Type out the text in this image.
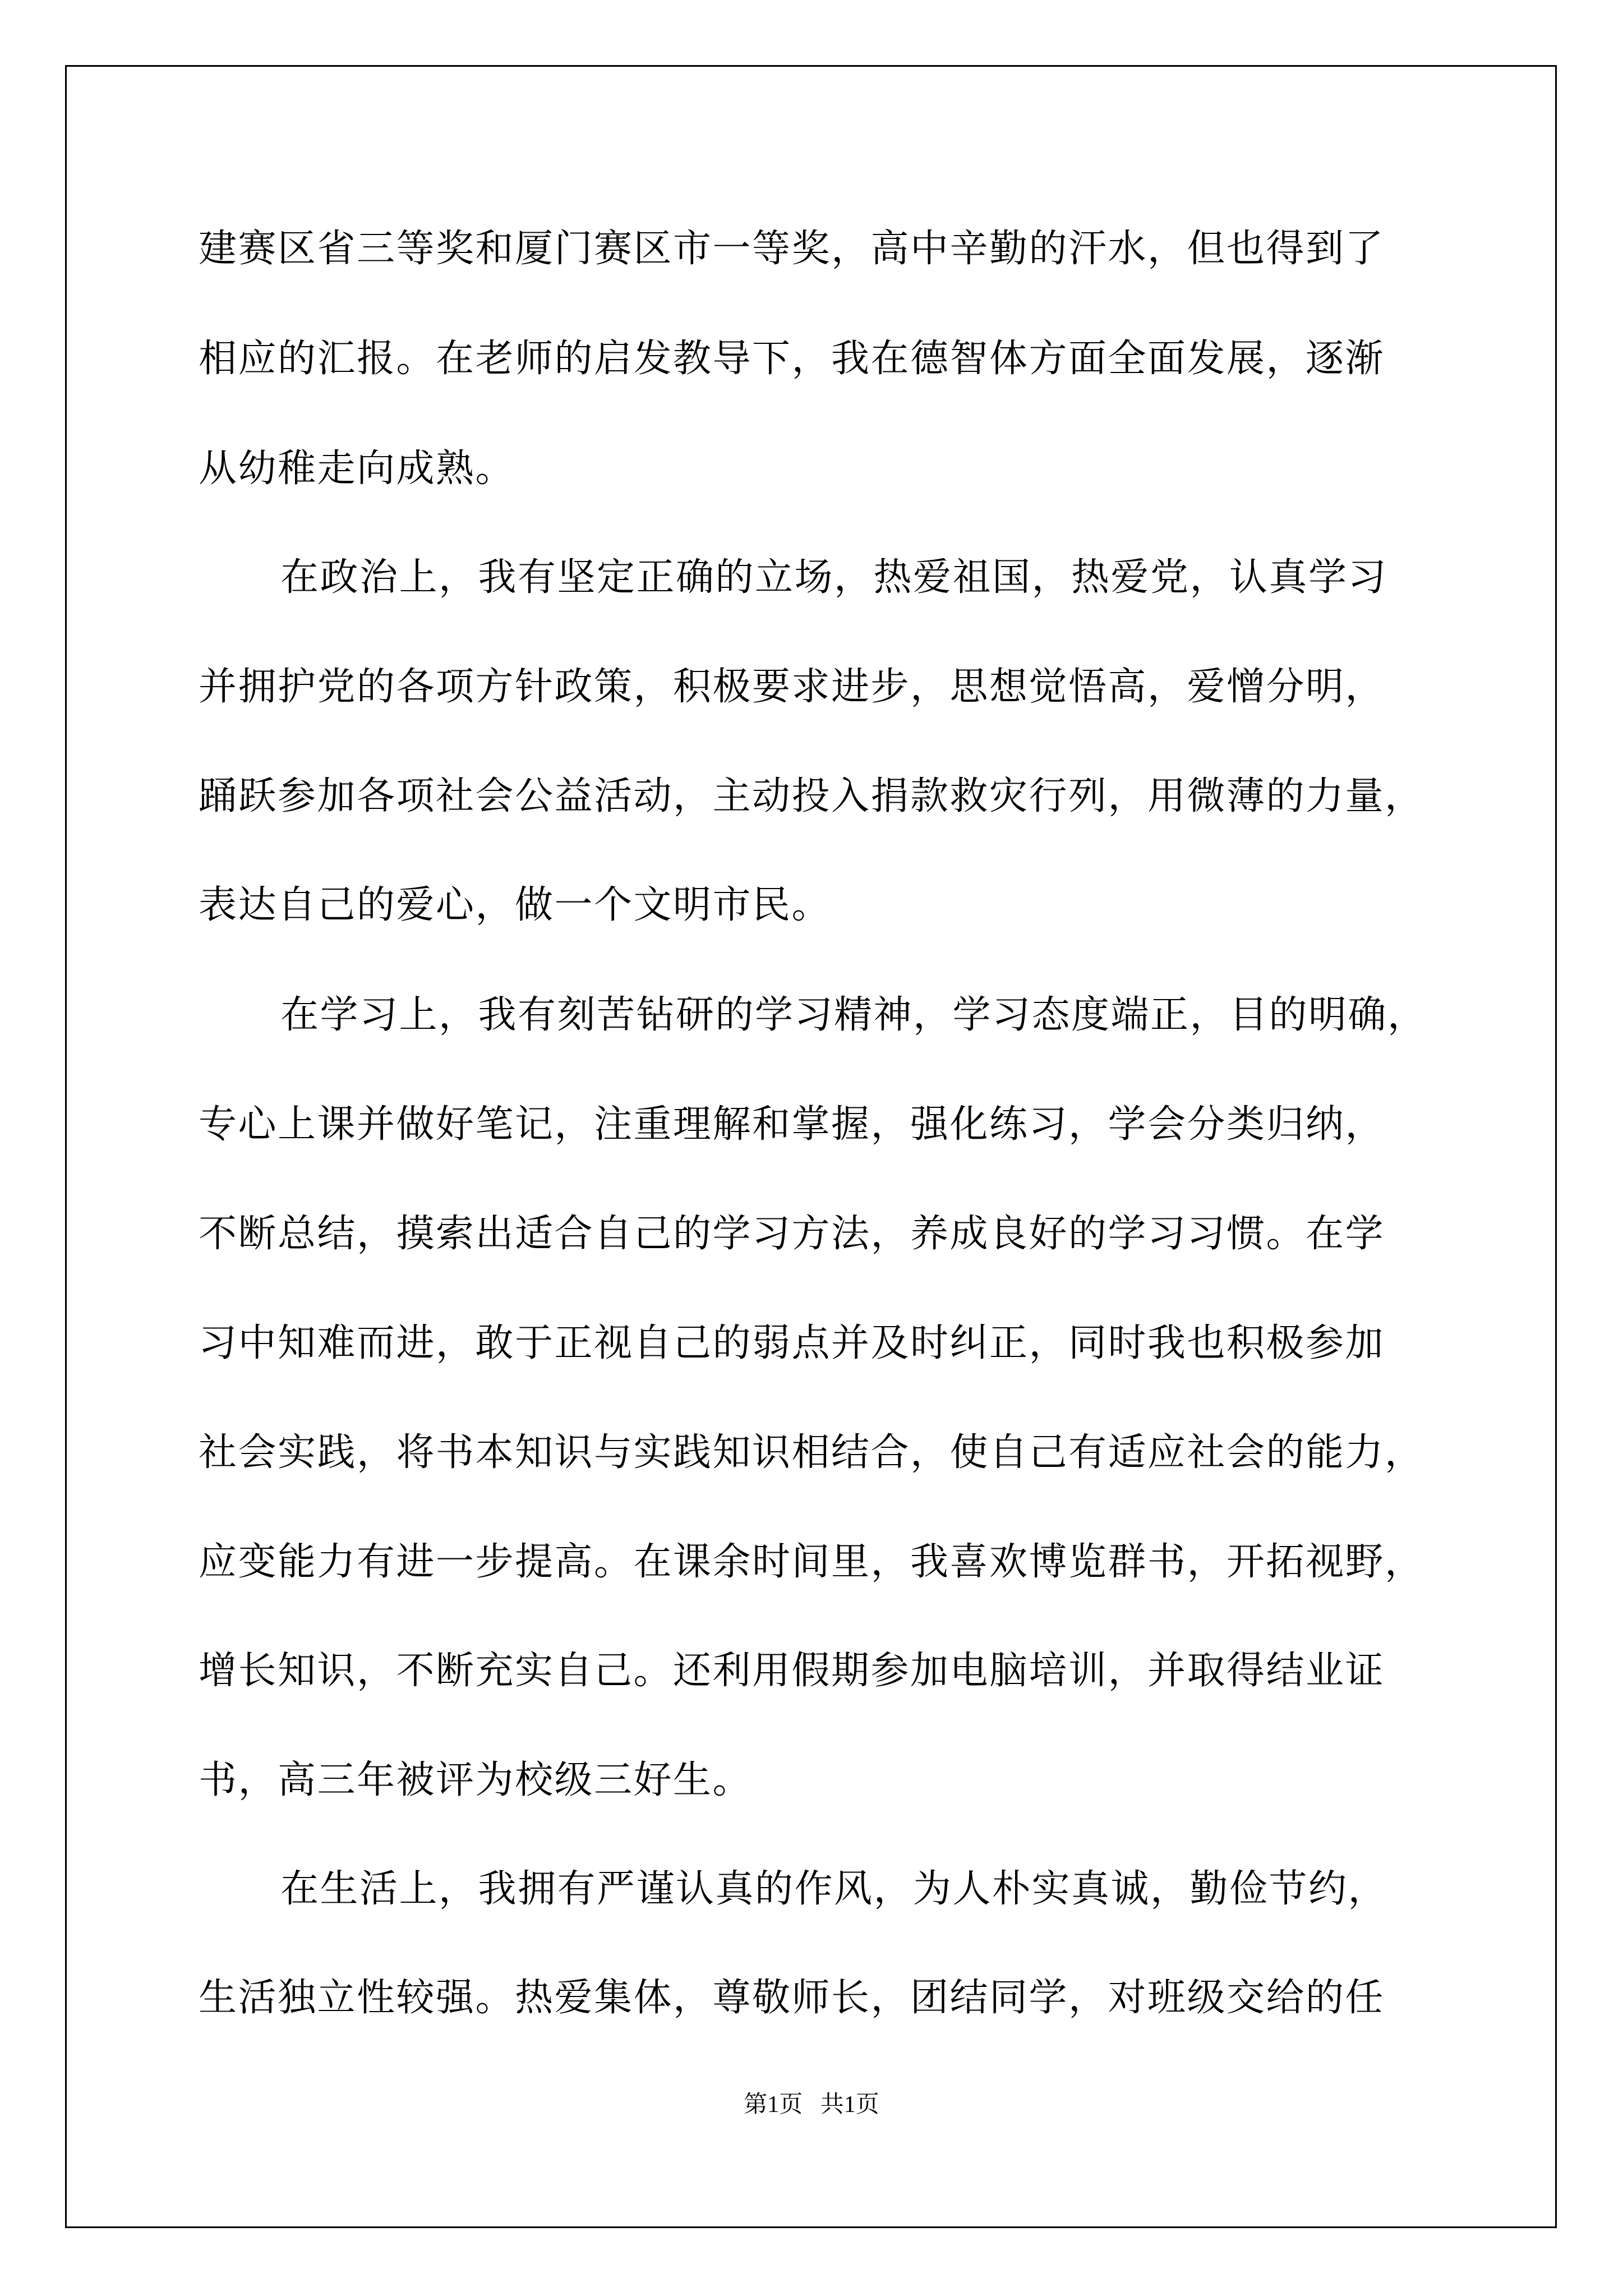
建赛区省三等奖和厦门赛区市一等奖，高中辛勤的汗水，但也得到了
相应的汇报。在老师的启发教导下，我在德智体方面全面发展，逐渐
从幼稚走向成熟。
在政治上，我有坚定正确的立场，热爱祖国，热爱党，认真学习
并拥护党的各项方针政策，积极要求进步，思想觉悟高，爱憎分明，
踊跃参加各项社会公益活动，主动投入捐款救灾行列，用微薄的力量，
表达自己的爱心，做一个文明市民。
在学习上，我有刻苦钻研的学习精神，学习态度端正，目的明确，
专心上课并做好笔记，注重理解和掌握，强化练习，学会分类归纳，
不断总结，摸索出适合自己的学习方法，养成良好的学习习惯。在学
习中知难而进，敢于正视自己的弱点并及时纠正，同时我也积极参加
社会实践，将书本知识与实践知识相结合，使自己有适应社会的能力，
应变能力有进一步提高。在课余时间里，我喜欢博览群书，开拓视野，
增长知识，不断充实自己。还利用假期参加电脑培训，并取得结业证
书，高三年被评为校级三好生。
在生活上，我拥有严谨认真的作风，为人朴实真诚，勤俭节约，
生活独立性较强。热爱集体，尊敬师长，团结同学，对班级交给的任
第1页   共1页
